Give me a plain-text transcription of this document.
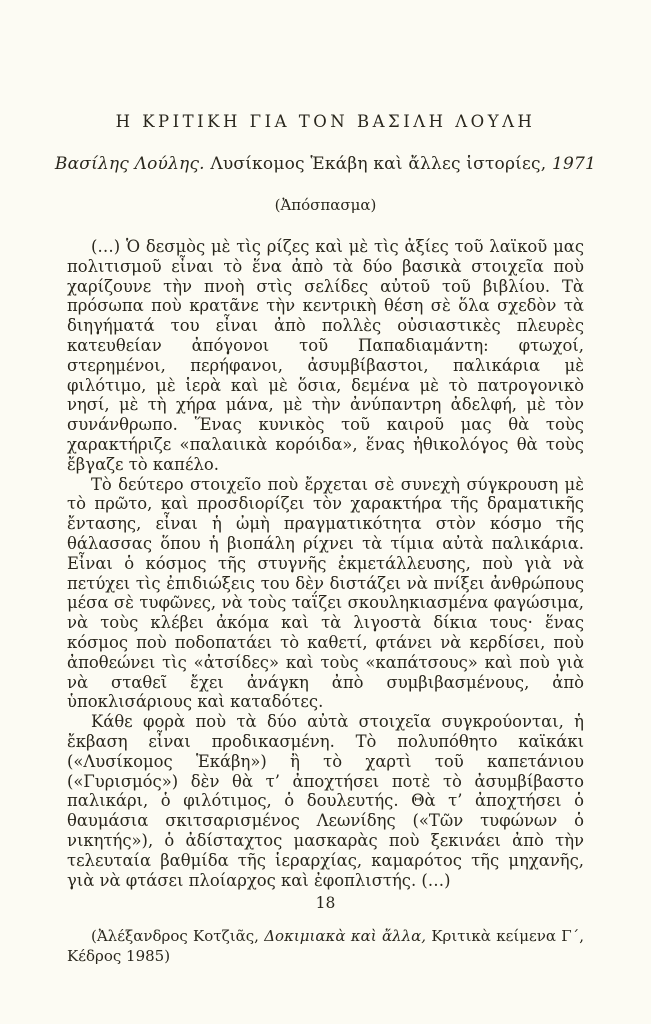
Η ΚΡΙΤΙΚΗ ΓΙΑ ΤΟΝ ΒΑΣΙΛΗ ΛΟΥΛΗ

Βασίλης Λούλης. Λυσίκομος Ἑκάβη καὶ ἄλλες ἱστορίες, 1971

(Ἀπόσπασμα)

(…) Ὁ δεσμὸς μὲ τὶς ρίζες καὶ μὲ τὶς ἀξίες τοῦ λαϊκοῦ μας πολιτισμοῦ εἶναι τὸ ἕνα ἀπὸ τὰ δύο βασικὰ στοιχεῖα ποὺ χαρίζουνε τὴν πνοὴ στὶς σελίδες αὐτοῦ τοῦ βιβλίου. Τὰ πρόσωπα ποὺ κρατᾶνε τὴν κεντρικὴ θέση σὲ ὅλα σχεδὸν τὰ διηγήματά του εἶναι ἀπὸ πολλὲς οὐσιαστικὲς πλευρὲς κατευθείαν ἀπόγονοι τοῦ Παπαδιαμάντη: φτωχοί, στερημένοι, περήφανοι, ἀσυμβίβαστοι, παλικάρια μὲ φιλότιμο, μὲ ἱερὰ καὶ μὲ ὅσια, δεμένα μὲ τὸ πατρογονικὸ νησί, μὲ τὴ χήρα μάνα, μὲ τὴν ἀνύπαντρη ἀδελφή, μὲ τὸν συνάνθρωπο. Ἕνας κυνικὸς τοῦ καιροῦ μας θὰ τοὺς χαρακτήριζε «παλαιικὰ κορόιδα», ἕνας ἠθικολόγος θὰ τοὺς ἔβγαζε τὸ καπέλο.

Τὸ δεύτερο στοιχεῖο ποὺ ἔρχεται σὲ συνεχὴ σύγκρουση μὲ τὸ πρῶτο, καὶ προσδιορίζει τὸν χαρακτήρα τῆς δραματικῆς ἔντασης, εἶναι ἡ ὠμὴ πραγματικότητα στὸν κόσμο τῆς θάλασσας ὅπου ἡ βιοπάλη ρίχνει τὰ τίμια αὐτὰ παλικάρια. Εἶναι ὁ κόσμος τῆς στυγνῆς ἐκμετάλλευσης, ποὺ γιὰ νὰ πετύχει τὶς ἐπιδιώξεις του δὲν διστάζει νὰ πνίξει ἀνθρώπους μέσα σὲ τυφῶνες, νὰ τοὺς ταΐζει σκουληκιασμένα φαγώσιμα, νὰ τοὺς κλέβει ἀκόμα καὶ τὰ λιγοστὰ δίκια τους· ἕνας κόσμος ποὺ ποδοπατάει τὸ καθετί, φτάνει νὰ κερδίσει, ποὺ ἀποθεώνει τὶς «ἀτσίδες» καὶ τοὺς «καπάτσους» καὶ ποὺ γιὰ νὰ σταθεῖ ἔχει ἀνάγκη ἀπὸ συμβιβασμένους, ἀπὸ ὑποκλισάριους καὶ καταδότες.

Κάθε φορὰ ποὺ τὰ δύο αὐτὰ στοιχεῖα συγκρούονται, ἡ ἔκβαση εἶναι προδικασμένη. Τὸ πολυπόθητο καϊκάκι («Λυσίκομος Ἑκάβη») ἢ τὸ χαρτὶ τοῦ καπετάνιου («Γυρισμός») δὲν θὰ τ’ ἀποχτήσει ποτὲ τὸ ἀσυμβίβαστο παλικάρι, ὁ φιλότιμος, ὁ δουλευτής. Θὰ τ’ ἀποχτήσει ὁ θαυμάσια σκιτσαρισμένος Λεωνίδης («Τῶν τυφώνων ὁ νικητής»), ὁ ἀδίσταχτος μασκαρὰς ποὺ ξεκινάει ἀπὸ τὴν τελευταία βαθμίδα τῆς ἱεραρχίας, καμαρότος τῆς μηχανῆς, γιὰ νὰ φτάσει πλοίαρχος καὶ ἐφοπλιστής. (…)

(Ἀλέξανδρος Κοτζιᾶς, Δοκιμιακὰ καὶ ἄλλα, Κριτικὰ κείμενα Γ´, Κέδρος 1985)

18
